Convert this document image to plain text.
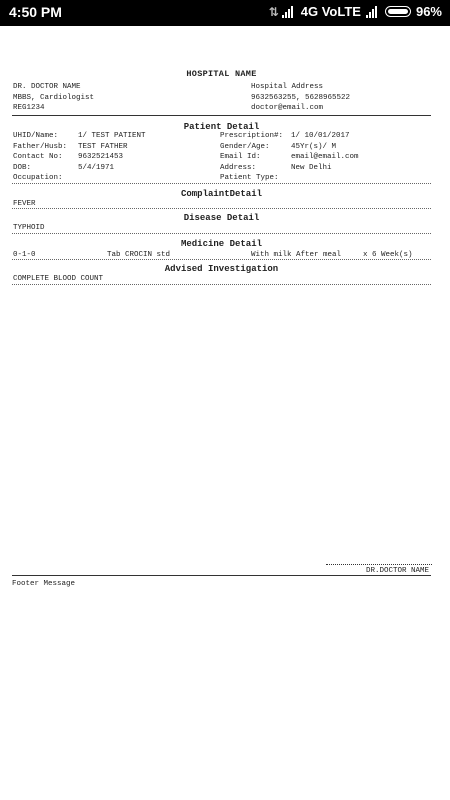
4:50 PM	⇅ 4G VoLTE	96%
HOSPITAL NAME
DR. DOCTOR NAME
MBBS, Cardiologist
REG1234
Hospital Address
9632563255, 5628965522
doctor@email.com
Patient Detail
UHID/Name:	1/ TEST PATIENT	Prescription#: 1/ 10/01/2017
Father/Husb: TEST FATHER	Gender/Age:	45Yr(s)/ M
Contact No: 9632521453	Email Id:	email@email.com
DOB:	5/4/1971	Address:	New Delhi
Occupation:	Patient Type:
ComplaintDetail
FEVER
Disease Detail
TYPHOID
Medicine Detail
0-1-0	Tab CROCIN std	With milk After meal	x 6 Week(s)
Advised Investigation
COMPLETE BLOOD COUNT
DR.DOCTOR NAME
Footer Message
